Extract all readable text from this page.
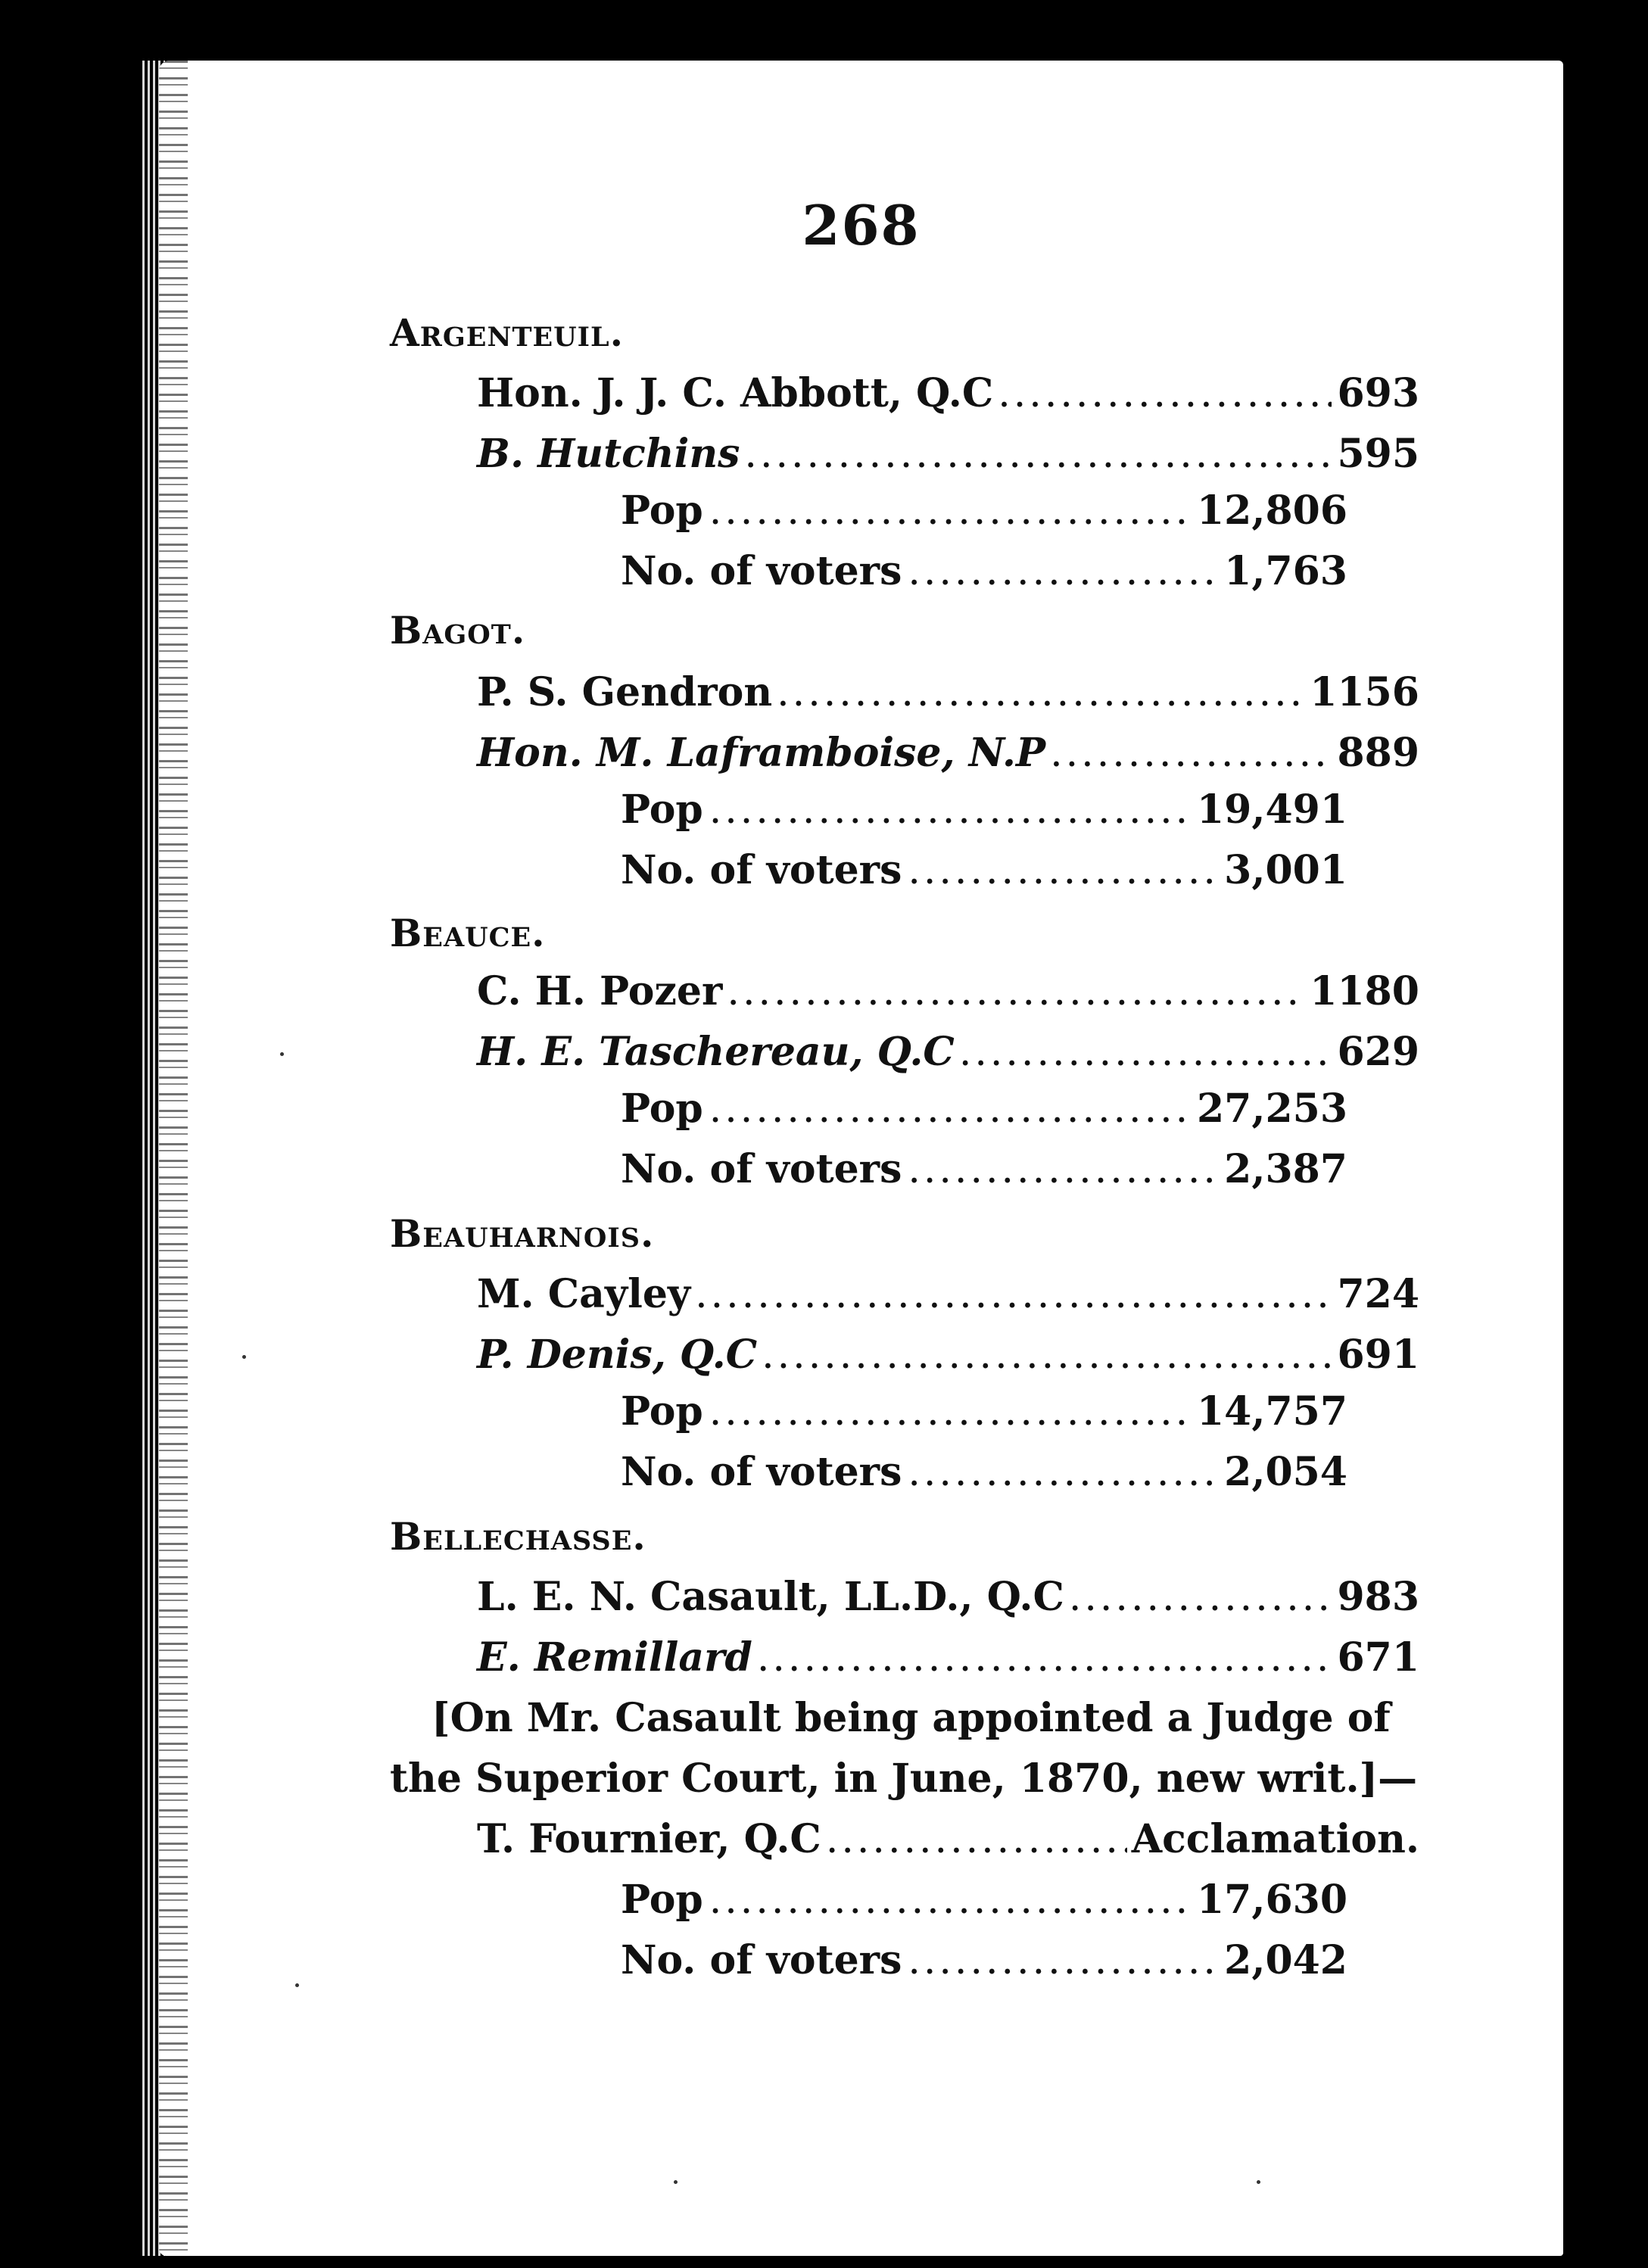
268
Argenteuil.
Hon. J. J. C. Abbott, Q.C .....	693
B. Hutchins .....	595
Pop .....	12,806
No. of voters .....	1,763
Bagot.
P. S. Gendron .....	1156
Hon. M. Laframboise, N.P .....	889
Pop .....	19,491
No. of voters .....	3,001
Beauce.
C. H. Pozer .....	1180
H. E. Taschereau, Q.C .....	629
Pop .....	27,253
No. of voters .....	2,387
Beauharnois.
M. Cayley .....	724
P. Denis, Q.C .....	691
Pop .....	14,757
No. of voters .....	2,054
Bellechasse.
L. E. N. Casault, LL.D., Q.C .....	983
E. Remillard .....	671
[On Mr. Casault being appointed a Judge of
the Superior Court, in June, 1870, new writ.]—
T. Fournier, Q.C .....	Acclamation.
Pop .....	17,630
No. of voters .....	2,042
